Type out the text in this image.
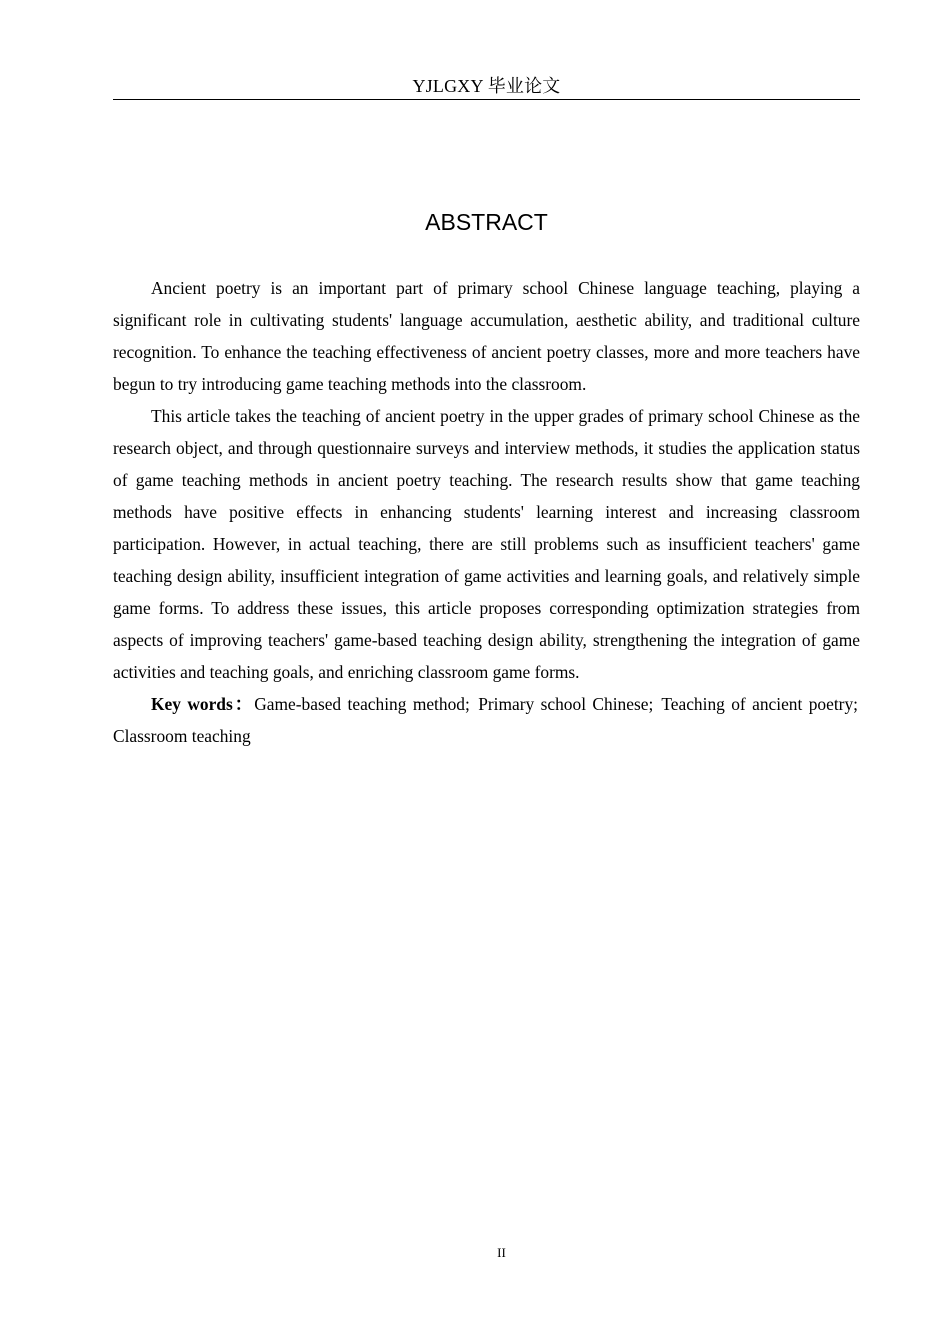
YJLGXY 毕业论文
ABSTRACT

Ancient poetry is an important part of primary school Chinese language teaching, playing a significant role in cultivating students' language accumulation, aesthetic ability, and traditional culture recognition. To enhance the teaching effectiveness of ancient poetry classes, more and more teachers have begun to try introducing game teaching methods into the classroom.

This article takes the teaching of ancient poetry in the upper grades of primary school Chinese as the research object, and through questionnaire surveys and interview methods, it studies the application status of game teaching methods in ancient poetry teaching. The research results show that game teaching methods have positive effects in enhancing students' learning interest and increasing classroom participation. However, in actual teaching, there are still problems such as insufficient teachers' game teaching design ability, insufficient integration of game activities and learning goals, and relatively simple game forms. To address these issues, this article proposes corresponding optimization strategies from aspects of improving teachers' game-based teaching design ability, strengthening the integration of game activities and teaching goals, and enriching classroom game forms.

Key words：Game-based teaching method; Primary school Chinese; Teaching of ancient poetry; Classroom teaching

II
